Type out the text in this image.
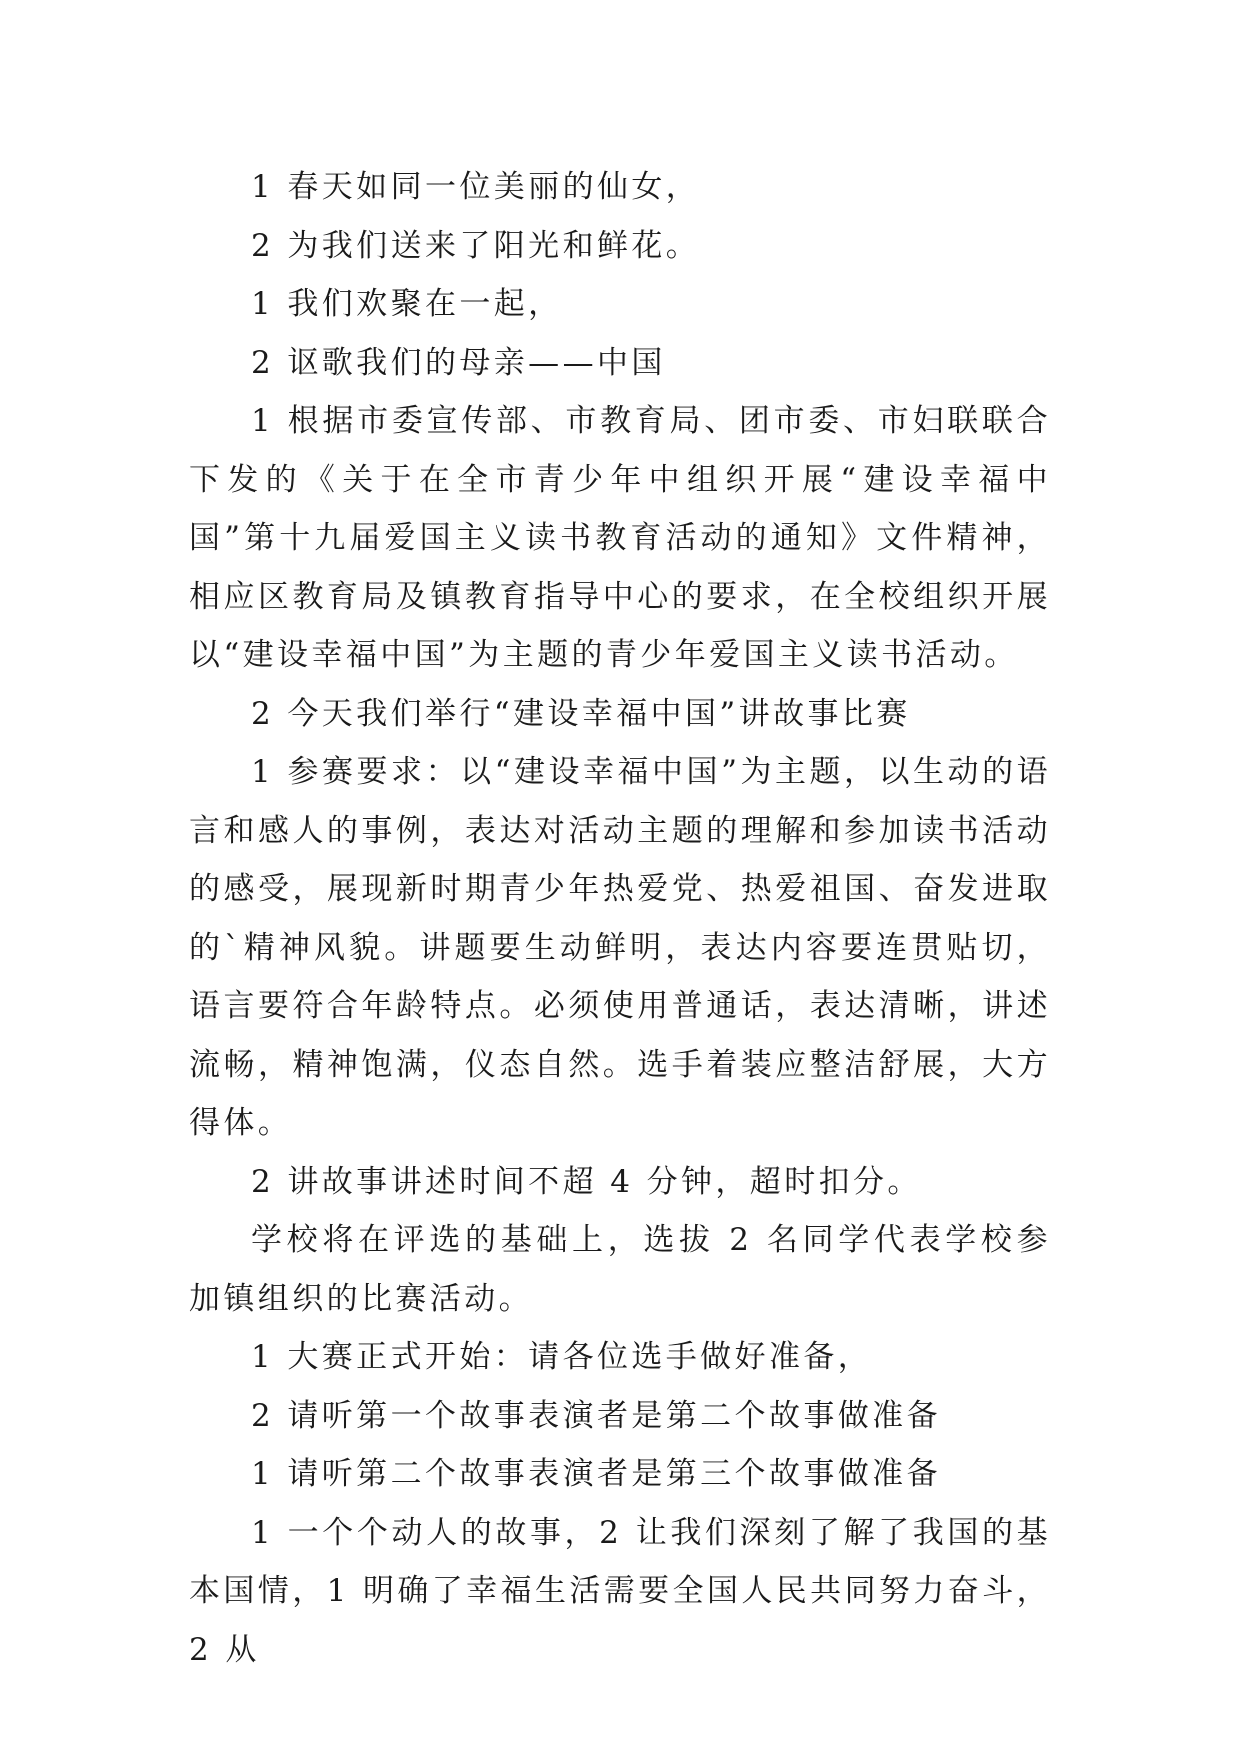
1 春天如同一位美丽的仙女，

2 为我们送来了阳光和鲜花。

1 我们欢聚在一起，

2 讴歌我们的母亲——中国

1 根据市委宣传部、市教育局、团市委、市妇联联合下发的《关于在全市青少年中组织开展“建设幸福中国”第十九届爱国主义读书教育活动的通知》文件精神，相应区教育局及镇教育指导中心的要求，在全校组织开展以“建设幸福中国”为主题的青少年爱国主义读书活动。

2 今天我们举行“建设幸福中国”讲故事比赛

1 参赛要求：以“建设幸福中国”为主题，以生动的语言和感人的事例，表达对活动主题的理解和参加读书活动的感受，展现新时期青少年热爱党、热爱祖国、奋发进取的`精神风貌。讲题要生动鲜明，表达内容要连贯贴切，语言要符合年龄特点。必须使用普通话，表达清晰，讲述流畅，精神饱满，仪态自然。选手着装应整洁舒展，大方得体。

2 讲故事讲述时间不超 4 分钟，超时扣分。

学校将在评选的基础上，选拔 2 名同学代表学校参加镇组织的比赛活动。

1 大赛正式开始：请各位选手做好准备，

2 请听第一个故事表演者是第二个故事做准备

1 请听第二个故事表演者是第三个故事做准备

1 一个个动人的故事，2 让我们深刻了解了我国的基本国情，1 明确了幸福生活需要全国人民共同努力奋斗，2 从
